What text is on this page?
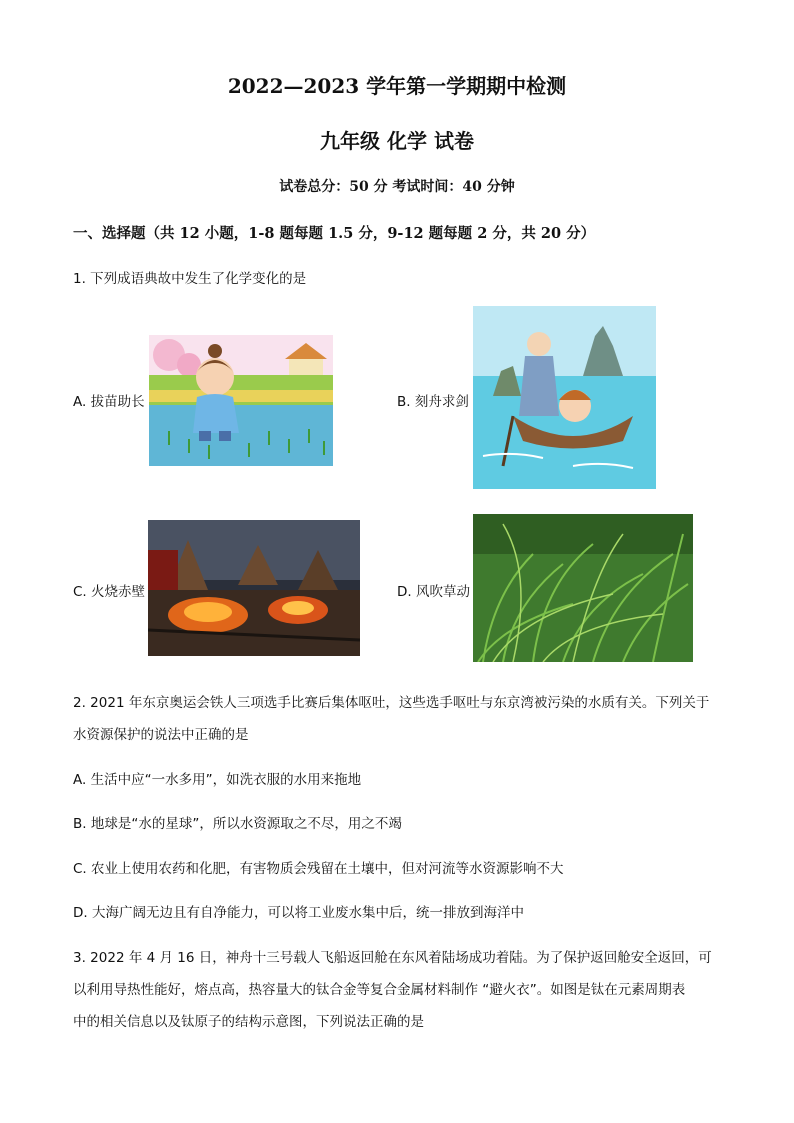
2022—2023 学年第一学期期中检测
九年级 化学 试卷
试卷总分：50 分 考试时间：40 分钟
一、选择题（共 12 小题，1-8 题每题 1.5 分，9-12 题每题 2 分，共 20 分）
1. 下列成语典故中发生了化学变化的是
A. 拔苗助长	B. 刻舟求剑
C. 火烧赤壁	D. 风吹草动
2. 2021 年东京奥运会铁人三项选手比赛后集体呕吐，这些选手呕吐与东京湾被污染的水质有关。下列关于
水资源保护的说法中正确的是
A. 生活中应“一水多用”，如洗衣服的水用来拖地
B. 地球是“水的星球”，所以水资源取之不尽，用之不竭
C. 农业上使用农药和化肥，有害物质会残留在土壤中，但对河流等水资源影响不大
D. 大海广阔无边且有自净能力，可以将工业废水集中后，统一排放到海洋中
3. 2022 年 4 月 16 日，神舟十三号载人飞船返回舱在东风着陆场成功着陆。为了保护返回舱安全返回，可
以利用导热性能好，熔点高，热容量大的钛合金等复合金属材料制作 “避火衣”。如图是钛在元素周期表
中的相关信息以及钛原子的结构示意图，下列说法正确的是
